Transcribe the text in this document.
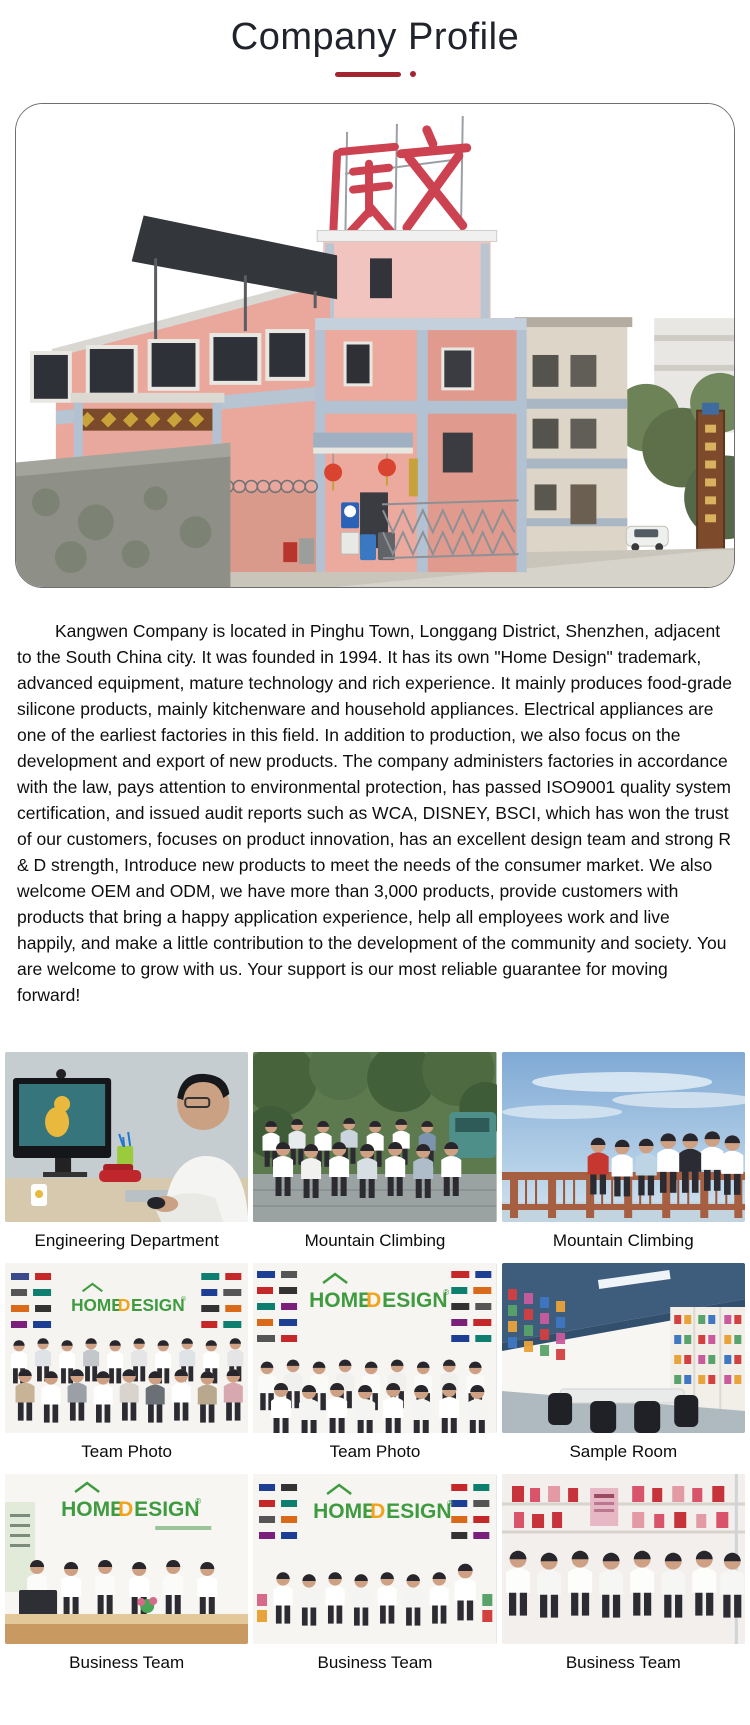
Company Profile

Kangwen Company is located in Pinghu Town, Longgang District, Shenzhen, adjacent to the South China city. It was founded in 1994. It has its own "Home Design" trademark, advanced equipment, mature technology and rich experience. It mainly produces food-grade silicone products, mainly kitchenware and household appliances. Electrical appliances are one of the earliest factories in this field. In addition to production, we also focus on the development and export of new products. The company administers factories in accordance with the law, pays attention to environmental protection, has passed ISO9001 quality system certification, and issued audit reports such as WCA, DISNEY, BSCI, which has won the trust of our customers, focuses on product innovation, has an excellent design team and strong R & D strength, Introduce new products to meet the needs of the consumer market. We also welcome OEM and ODM, we have more than 3,000 products, provide customers with products that bring a happy application experience, help all employees work and live happily, and make a little contribution to the development of the community and society. You are welcome to grow with us. Your support is our most reliable guarantee for moving forward!

Engineering Department	Mountain Climbing	Mountain Climbing
Team Photo	Team Photo	Sample Room
Business Team	Business Team	Business Team
